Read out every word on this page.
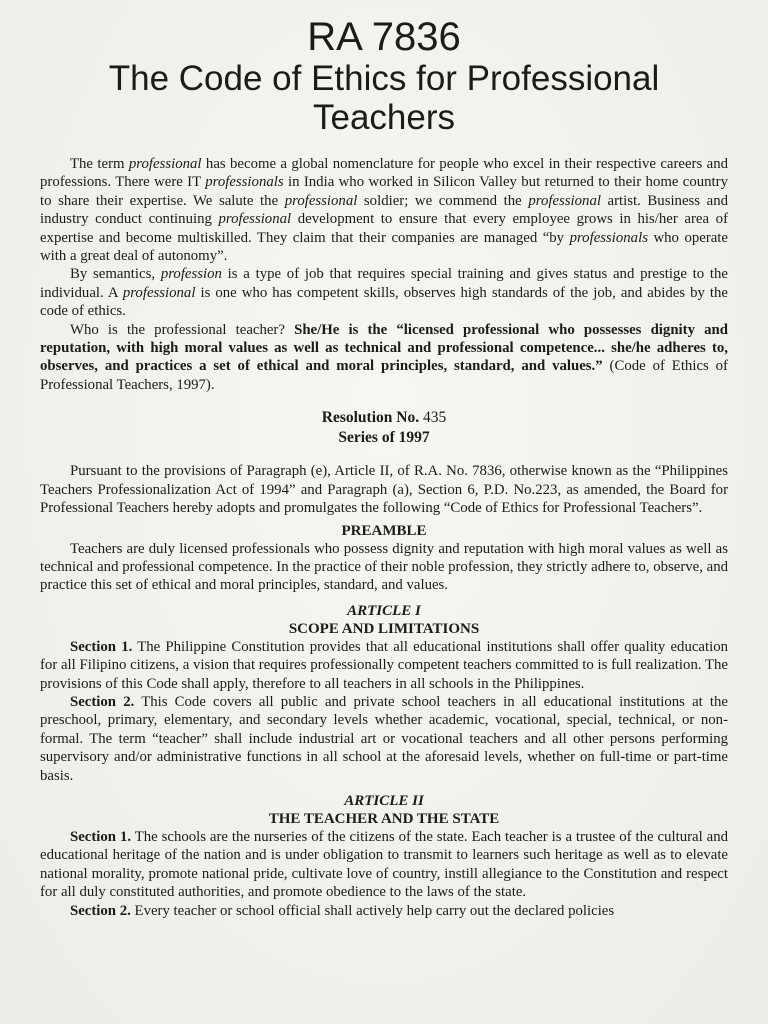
RA 7836
The Code of Ethics for Professional Teachers

The term professional has become a global nomenclature for people who excel in their respective careers and professions. There were IT professionals in India who worked in Silicon Valley but returned to their home country to share their expertise. We salute the professional soldier; we commend the professional artist. Business and industry conduct continuing professional development to ensure that every employee grows in his/her area of expertise and become multiskilled. They claim that their companies are managed “by professionals who operate with a great deal of autonomy”.

By semantics, profession is a type of job that requires special training and gives status and prestige to the individual. A professional is one who has competent skills, observes high standards of the job, and abides by the code of ethics.

Who is the professional teacher? She/He is the “licensed professional who possesses dignity and reputation, with high moral values as well as technical and professional competence... she/he adheres to, observes, and practices a set of ethical and moral principles, standard, and values.” (Code of Ethics of Professional Teachers, 1997).

Resolution No. 435
Series of 1997

Pursuant to the provisions of Paragraph (e), Article II, of R.A. No. 7836, otherwise known as the “Philippines Teachers Professionalization Act of 1994” and Paragraph (a), Section 6, P.D. No.223, as amended, the Board for Professional Teachers hereby adopts and promulgates the following “Code of Ethics for Professional Teachers”.

PREAMBLE

Teachers are duly licensed professionals who possess dignity and reputation with high moral values as well as technical and professional competence. In the practice of their noble profession, they strictly adhere to, observe, and practice this set of ethical and moral principles, standard, and values.

ARTICLE I
SCOPE AND LIMITATIONS

Section 1. The Philippine Constitution provides that all educational institutions shall offer quality education for all Filipino citizens, a vision that requires professionally competent teachers committed to is full realization. The provisions of this Code shall apply, therefore to all teachers in all schools in the Philippines.

Section 2. This Code covers all public and private school teachers in all educational institutions at the preschool, primary, elementary, and secondary levels whether academic, vocational, special, technical, or non-formal. The term “teacher” shall include industrial art or vocational teachers and all other persons performing supervisory and/or administrative functions in all school at the aforesaid levels, whether on full-time or part-time basis.

ARTICLE II
THE TEACHER AND THE STATE

Section 1. The schools are the nurseries of the citizens of the state. Each teacher is a trustee of the cultural and educational heritage of the nation and is under obligation to transmit to learners such heritage as well as to elevate national morality, promote national pride, cultivate love of country, instill allegiance to the Constitution and respect for all duly constituted authorities, and promote obedience to the laws of the state.

Section 2. Every teacher or school official shall actively help carry out the declared policies
